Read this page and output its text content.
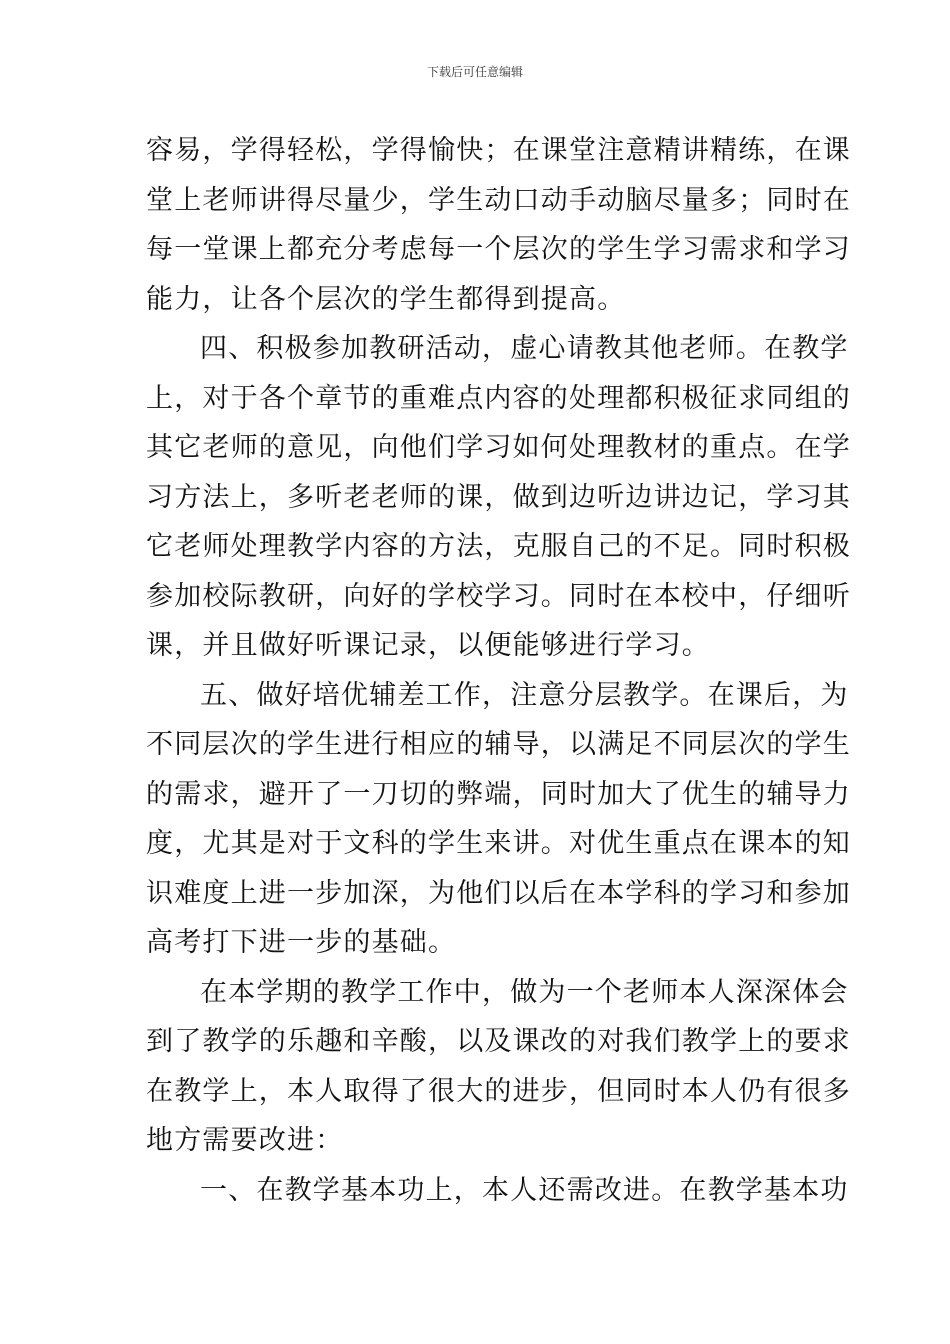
下载后可任意编辑
容易，学得轻松，学得愉快；在课堂注意精讲精练，在课
堂上老师讲得尽量少，学生动口动手动脑尽量多；同时在
每一堂课上都充分考虑每一个层次的学生学习需求和学习
能力，让各个层次的学生都得到提高。
四、积极参加教研活动，虚心请教其他老师。在教学
上，对于各个章节的重难点内容的处理都积极征求同组的
其它老师的意见，向他们学习如何处理教材的重点。在学
习方法上，多听老老师的课，做到边听边讲边记，学习其
它老师处理教学内容的方法，克服自己的不足。同时积极
参加校际教研，向好的学校学习。同时在本校中，仔细听
课，并且做好听课记录，以便能够进行学习。
五、做好培优辅差工作，注意分层教学。在课后，为
不同层次的学生进行相应的辅导，以满足不同层次的学生
的需求，避开了一刀切的弊端，同时加大了优生的辅导力
度，尤其是对于文科的学生来讲。对优生重点在课本的知
识难度上进一步加深，为他们以后在本学科的学习和参加
高考打下进一步的基础。
在本学期的教学工作中，做为一个老师本人深深体会
到了教学的乐趣和辛酸，以及课改的对我们教学上的要求
在教学上，本人取得了很大的进步，但同时本人仍有很多
地方需要改进：
一、在教学基本功上，本人还需改进。在教学基本功
